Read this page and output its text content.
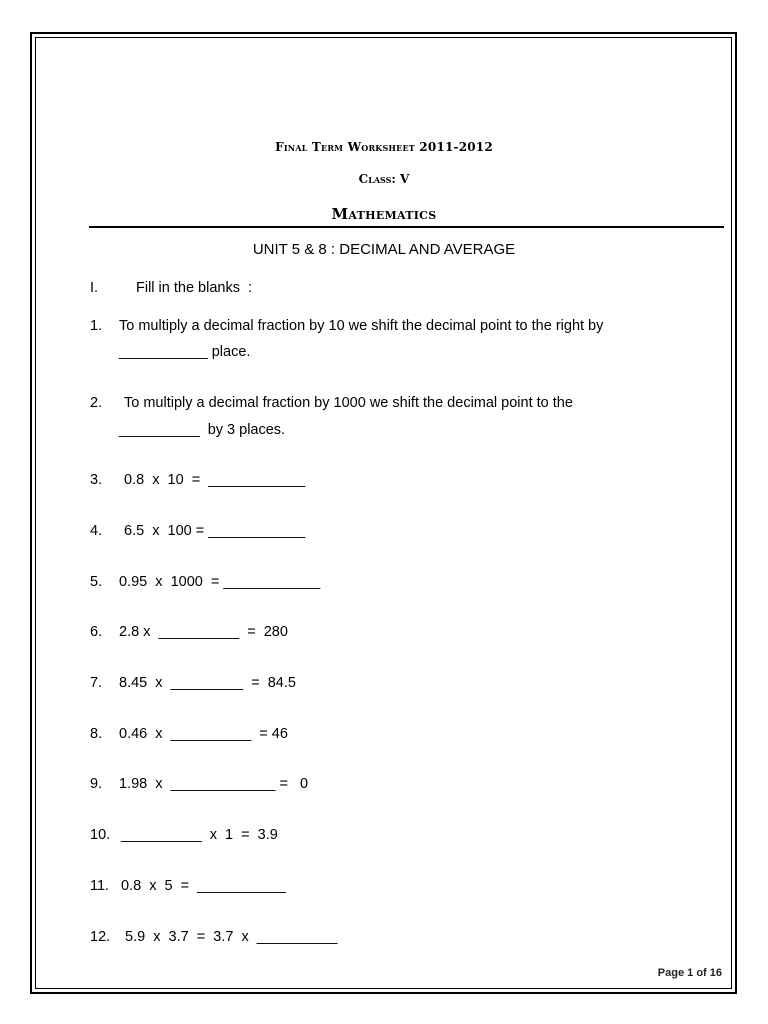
Final Term Worksheet 2011-2012
Class: V
Mathematics
UNIT 5 & 8 : DECIMAL AND AVERAGE
I.	Fill in the blanks  :
1. To multiply a decimal fraction by 10 we shift the decimal point to the right by
___________ place.
2. To multiply a decimal fraction by 1000 we shift the decimal point to the
__________  by 3 places.
3. 0.8  x  10  =  ____________
4. 6.5  x  100 = ____________
5. 0.95  x  1000  = ____________
6. 2.8 x  __________  =  280
7. 8.45  x  _________  =  84.5
8. 0.46  x  __________  = 46
9. 1.98  x  _____________ =   0
10. __________  x  1  =  3.9
11. 0.8  x  5  =  ___________
12. 5.9  x  3.7  =  3.7  x  __________
Page 1 of 16
